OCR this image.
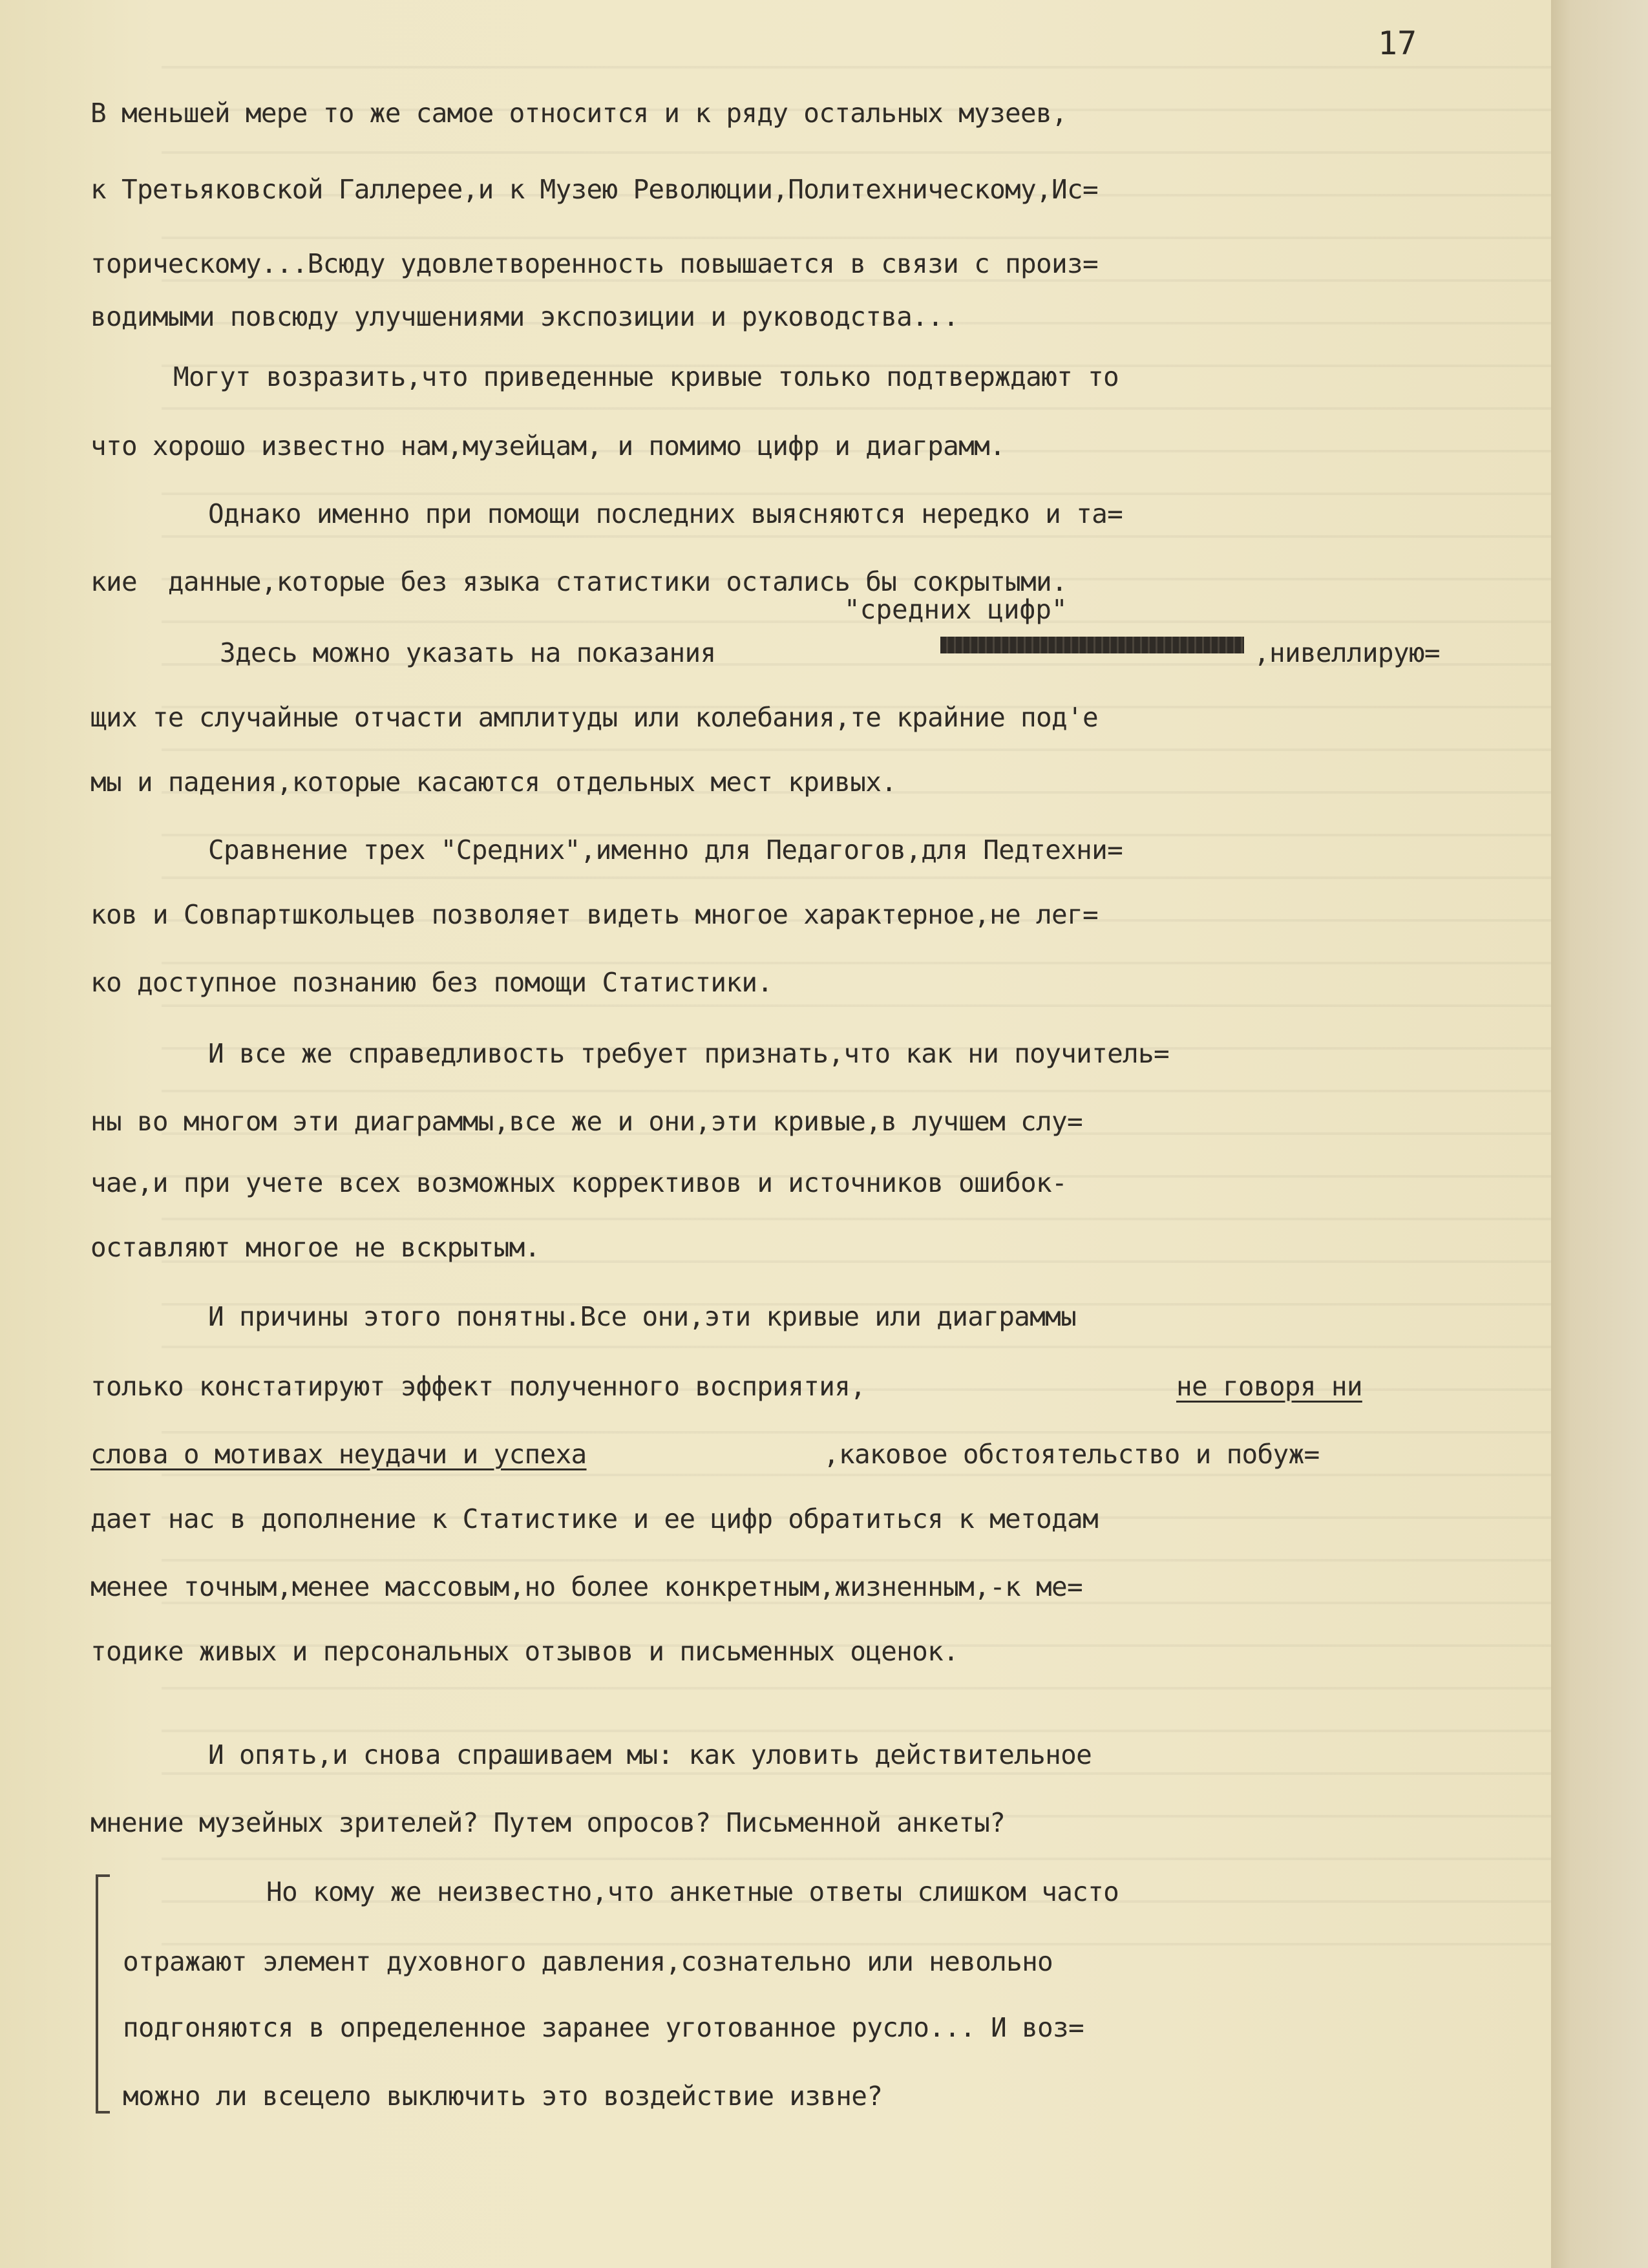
17
В меньшей мере то же самое относится и к ряду остальных музеев,
к Третьяковской Галлерее,и к Музею Революции,Политехническому,Ис=
торическому...Всюду удовлетворенность повышается в связи с произ=
водимыми повсюду улучшениями экспозиции и руководства...
Могут возразить,что приведенные кривые только подтверждают то
что хорошо известно нам,музейцам, и помимо цифр и диаграмм.
Однако именно при помощи последних выясняются нередко и та=
кие  данные,которые без языка статистики остались бы сокрытыми.
"средних цифр"
Здесь можно указать на показания	,нивеллирую=
щих те случайные отчасти амплитуды или колебания,те крайние под'е
мы и падения,которые касаются отдельных мест кривых.
Сравнение трех "Средних",именно для Педагогов,для Педтехни=
ков и Совпартшкольцев позволяет видеть многое характерное,не лег=
ко доступное познанию без помощи Статистики.
И все же справедливость требует признать,что как ни поучитель=
ны во многом эти диаграммы,все же и они,эти кривые,в лучшем слу=
чае,и при учете всех возможных коррективов и источников ошибок-
оставляют многое не вскрытым.
И причины этого понятны.Все они,эти кривые или диаграммы
только констатируют эффект полученного восприятия,	не говоря ни
слова о мотивах неудачи и успеха	,каковое обстоятельство и побуж=
дает нас в дополнение к Статистике и ее цифр обратиться к методам
менее точным,менее массовым,но более конкретным,жизненным,-к ме=
тодике живых и персональных отзывов и письменных оценок.
И опять,и снова спрашиваем мы: как уловить действительное
мнение музейных зрителей? Путем опросов? Письменной анкеты?
Но кому же неизвестно,что анкетные ответы слишком часто
отражают элемент духовного давления,сознательно или невольно
подгоняются в определенное заранее уготованное русло... И воз=
можно ли всецело выключить это воздействие извне?
